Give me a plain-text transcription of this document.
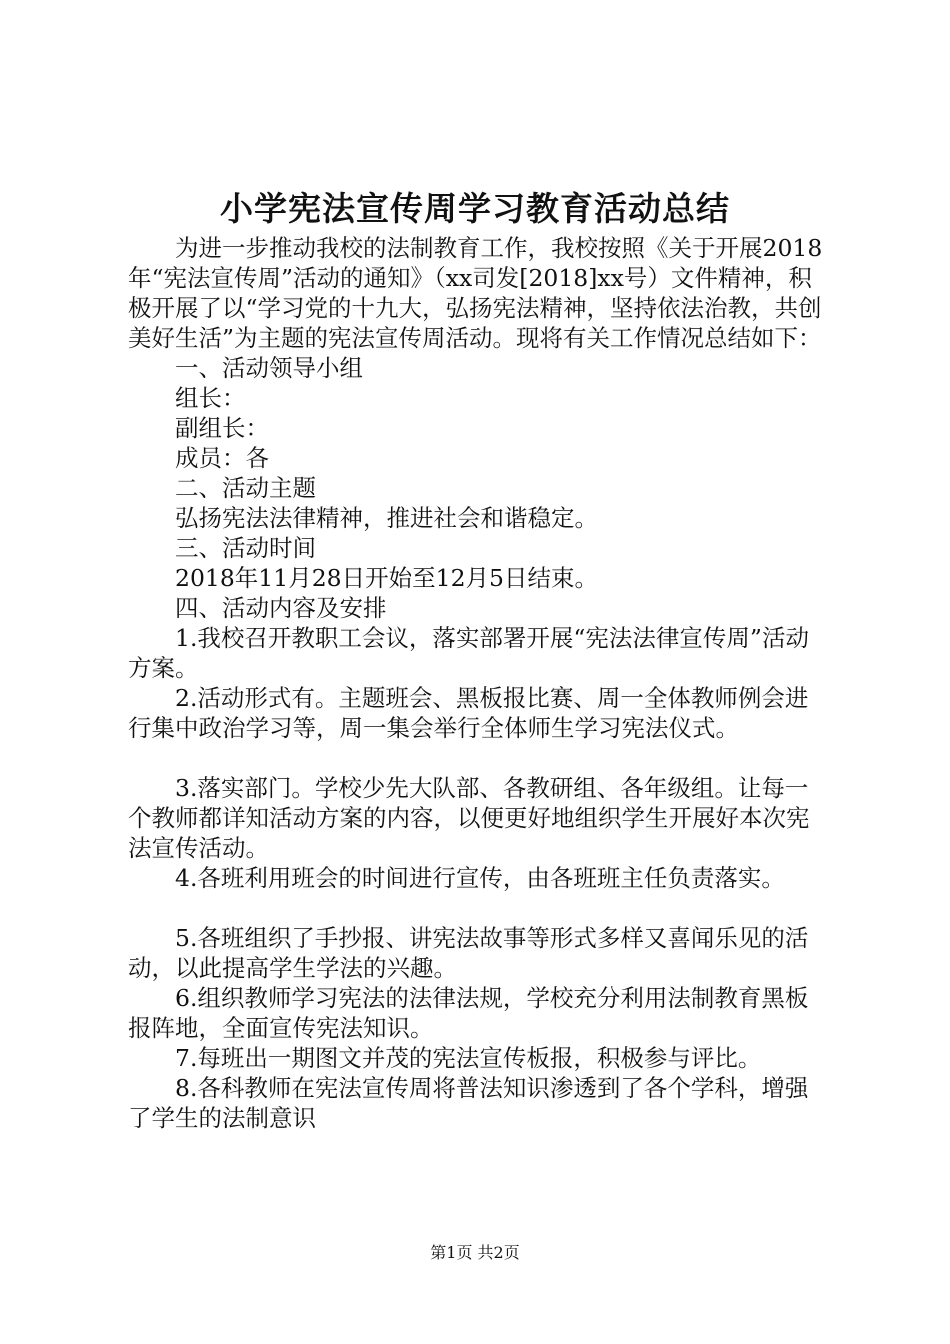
小学宪法宣传周学习教育活动总结

为进一步推动我校的法制教育工作，我校按照《关于开展2018年“宪法宣传周”活动的通知》（xx司发[2018]xx号）文件精神，积极开展了以“学习党的十九大，弘扬宪法精神，坚持依法治教，共创美好生活”为主题的宪法宣传周活动。现将有关工作情况总结如下：

一、活动领导小组

组长：

副组长：

成员：各

二、活动主题

弘扬宪法法律精神，推进社会和谐稳定。

三、活动时间

2018年11月28日开始至12月5日结束。

四、活动内容及安排

1.我校召开教职工会议，落实部署开展“宪法法律宣传周”活动方案。

2.活动形式有。主题班会、黑板报比赛、周一全体教师例会进行集中政治学习等，周一集会举行全体师生学习宪法仪式。

3.落实部门。学校少先大队部、各教研组、各年级组。让每一个教师都详知活动方案的内容，以便更好地组织学生开展好本次宪法宣传活动。

4.各班利用班会的时间进行宣传，由各班班主任负责落实。

5.各班组织了手抄报、讲宪法故事等形式多样又喜闻乐见的活动，以此提高学生学法的兴趣。

6.组织教师学习宪法的法律法规，学校充分利用法制教育黑板报阵地，全面宣传宪法知识。

7.每班出一期图文并茂的宪法宣传板报，积极参与评比。

8.各科教师在宪法宣传周将普法知识渗透到了各个学科，增强了学生的法制意识

第1页 共2页
